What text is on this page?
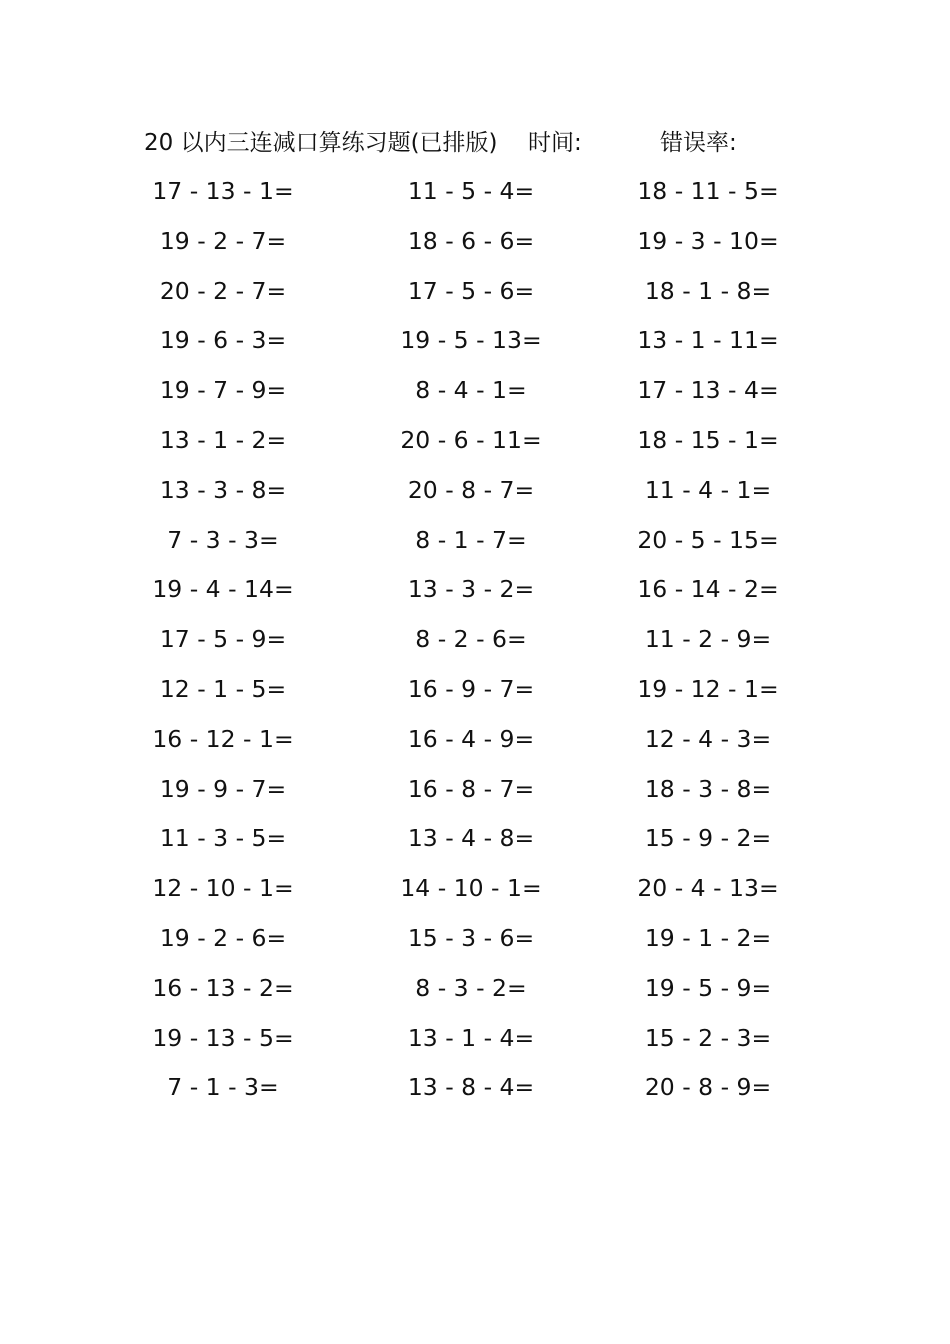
20 以内三连减口算练习题(已排版) 时间:	错误率:
17 - 13 - 1=	11 - 5 - 4=	18 - 11 - 5=
19 - 2 - 7=	18 - 6 - 6=	19 - 3 - 10=
20 - 2 - 7=	17 - 5 - 6=	18 - 1 - 8=
19 - 6 - 3=	19 - 5 - 13=	13 - 1 - 11=
19 - 7 - 9=	8 - 4 - 1=	17 - 13 - 4=
13 - 1 - 2=	20 - 6 - 11=	18 - 15 - 1=
13 - 3 - 8=	20 - 8 - 7=	11 - 4 - 1=
7 - 3 - 3=	8 - 1 - 7=	20 - 5 - 15=
19 - 4 - 14=	13 - 3 - 2=	16 - 14 - 2=
17 - 5 - 9=	8 - 2 - 6=	11 - 2 - 9=
12 - 1 - 5=	16 - 9 - 7=	19 - 12 - 1=
16 - 12 - 1=	16 - 4 - 9=	12 - 4 - 3=
19 - 9 - 7=	16 - 8 - 7=	18 - 3 - 8=
11 - 3 - 5=	13 - 4 - 8=	15 - 9 - 2=
12 - 10 - 1=	14 - 10 - 1=	20 - 4 - 13=
19 - 2 - 6=	15 - 3 - 6=	19 - 1 - 2=
16 - 13 - 2=	8 - 3 - 2=	19 - 5 - 9=
19 - 13 - 5=	13 - 1 - 4=	15 - 2 - 3=
7 - 1 - 3=	13 - 8 - 4=	20 - 8 - 9=
